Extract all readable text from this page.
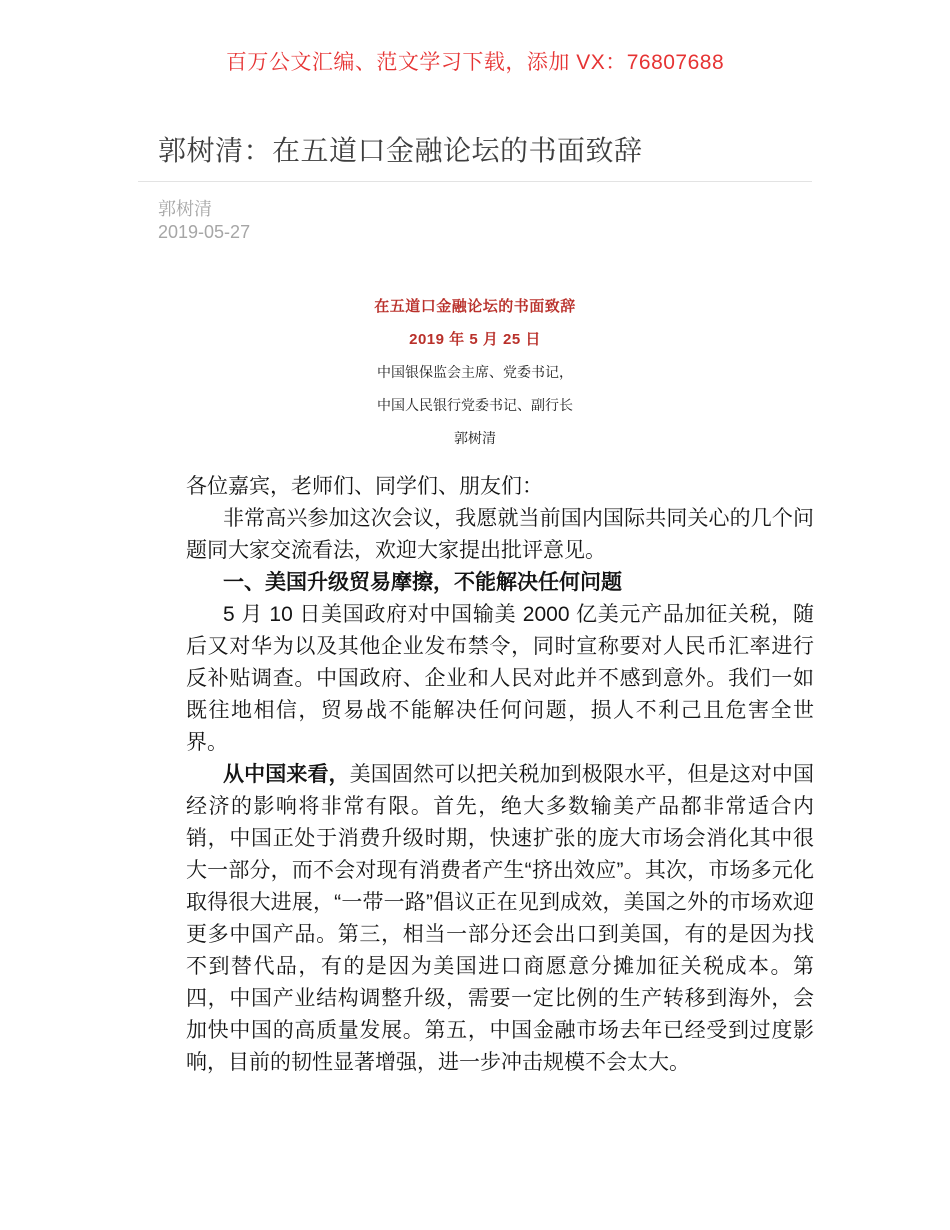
百万公文汇编、范文学习下载，添加 VX：76807688
郭树清：在五道口金融论坛的书面致辞
郭树清
2019-05-27
在五道口金融论坛的书面致辞
2019 年 5 月 25 日
中国银保监会主席、党委书记，
中国人民银行党委书记、副行长
郭树清

各位嘉宾，老师们、同学们、朋友们：

非常高兴参加这次会议，我愿就当前国内国际共同关心的几个问题同大家交流看法，欢迎大家提出批评意见。

一、美国升级贸易摩擦，不能解决任何问题

5 月 10 日美国政府对中国输美 2000 亿美元产品加征关税，随后又对华为以及其他企业发布禁令，同时宣称要对人民币汇率进行反补贴调查。中国政府、企业和人民对此并不感到意外。我们一如既往地相信，贸易战不能解决任何问题，损人不利己且危害全世界。

从中国来看，美国固然可以把关税加到极限水平，但是这对中国经济的影响将非常有限。首先，绝大多数输美产品都非常适合内销，中国正处于消费升级时期，快速扩张的庞大市场会消化其中很大一部分，而不会对现有消费者产生“挤出效应”。其次，市场多元化取得很大进展，“一带一路”倡议正在见到成效，美国之外的市场欢迎更多中国产品。第三，相当一部分还会出口到美国，有的是因为找不到替代品，有的是因为美国进口商愿意分摊加征关税成本。第四，中国产业结构调整升级，需要一定比例的生产转移到海外，会加快中国的高质量发展。第五，中国金融市场去年已经受到过度影响，目前的韧性显著增强，进一步冲击规模不会太大。
